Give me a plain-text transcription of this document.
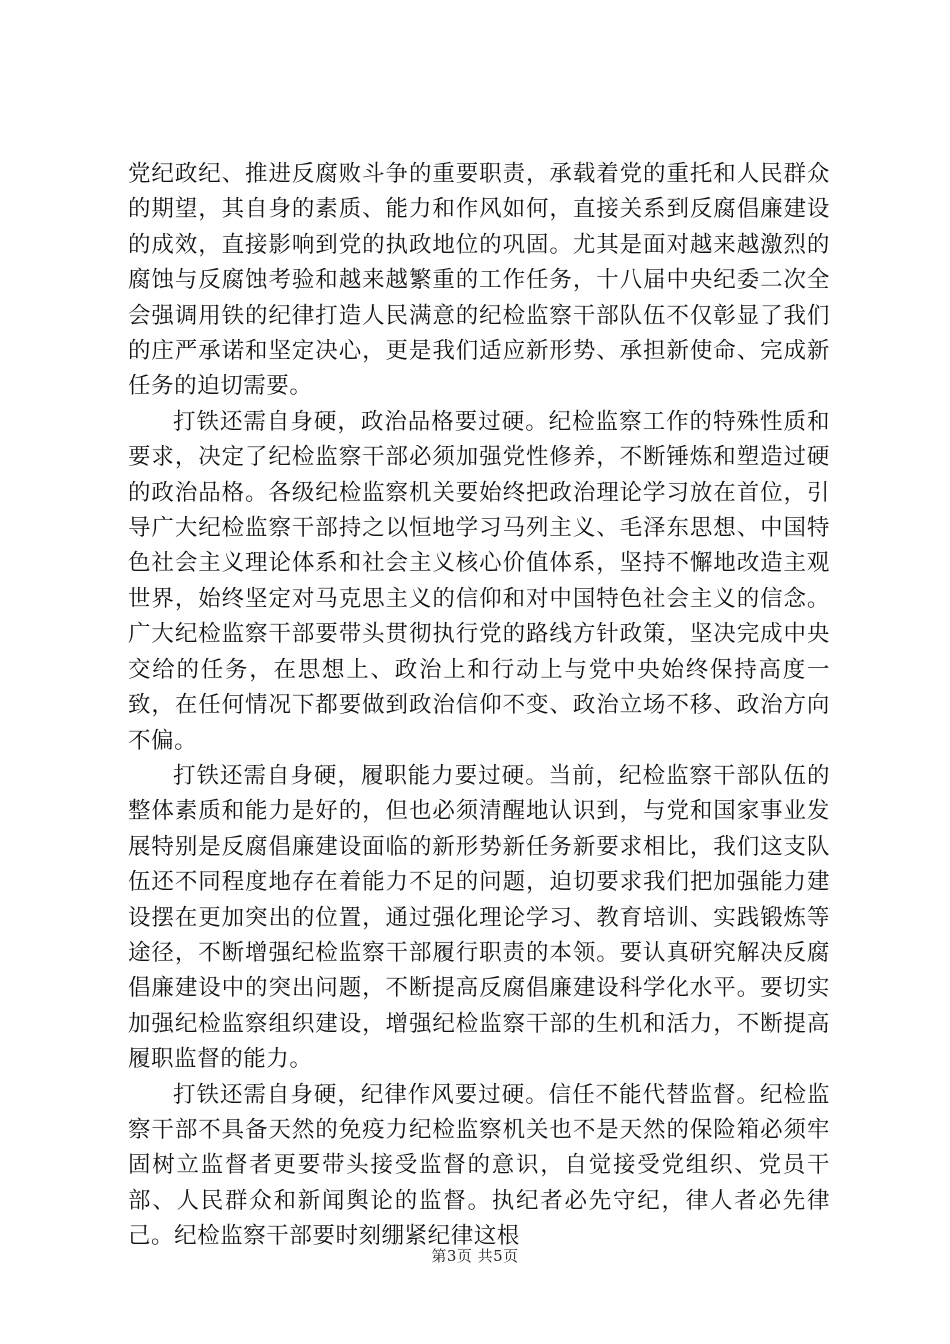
党纪政纪、推进反腐败斗争的重要职责，承载着党的重托和人民群众的期望，其自身的素质、能力和作风如何，直接关系到反腐倡廉建设的成效，直接影响到党的执政地位的巩固。尤其是面对越来越激烈的腐蚀与反腐蚀考验和越来越繁重的工作任务，十八届中央纪委二次全会强调用铁的纪律打造人民满意的纪检监察干部队伍不仅彰显了我们的庄严承诺和坚定决心，更是我们适应新形势、承担新使命、完成新任务的迫切需要。

打铁还需自身硬，政治品格要过硬。纪检监察工作的特殊性质和要求，决定了纪检监察干部必须加强党性修养，不断锤炼和塑造过硬的政治品格。各级纪检监察机关要始终把政治理论学习放在首位，引导广大纪检监察干部持之以恒地学习马列主义、毛泽东思想、中国特色社会主义理论体系和社会主义核心价值体系，坚持不懈地改造主观世界，始终坚定对马克思主义的信仰和对中国特色社会主义的信念。广大纪检监察干部要带头贯彻执行党的路线方针政策，坚决完成中央交给的任务，在思想上、政治上和行动上与党中央始终保持高度一致，在任何情况下都要做到政治信仰不变、政治立场不移、政治方向不偏。

打铁还需自身硬，履职能力要过硬。当前，纪检监察干部队伍的整体素质和能力是好的，但也必须清醒地认识到，与党和国家事业发展特别是反腐倡廉建设面临的新形势新任务新要求相比，我们这支队伍还不同程度地存在着能力不足的问题，迫切要求我们把加强能力建设摆在更加突出的位置，通过强化理论学习、教育培训、实践锻炼等途径，不断增强纪检监察干部履行职责的本领。要认真研究解决反腐倡廉建设中的突出问题，不断提高反腐倡廉建设科学化水平。要切实加强纪检监察组织建设，增强纪检监察干部的生机和活力，不断提高履职监督的能力。

打铁还需自身硬，纪律作风要过硬。信任不能代替监督。纪检监察干部不具备天然的免疫力纪检监察机关也不是天然的保险箱必须牢固树立监督者更要带头接受监督的意识，自觉接受党组织、党员干部、人民群众和新闻舆论的监督。执纪者必先守纪，律人者必先律己。纪检监察干部要时刻绷紧纪律这根

第3页 共5页
